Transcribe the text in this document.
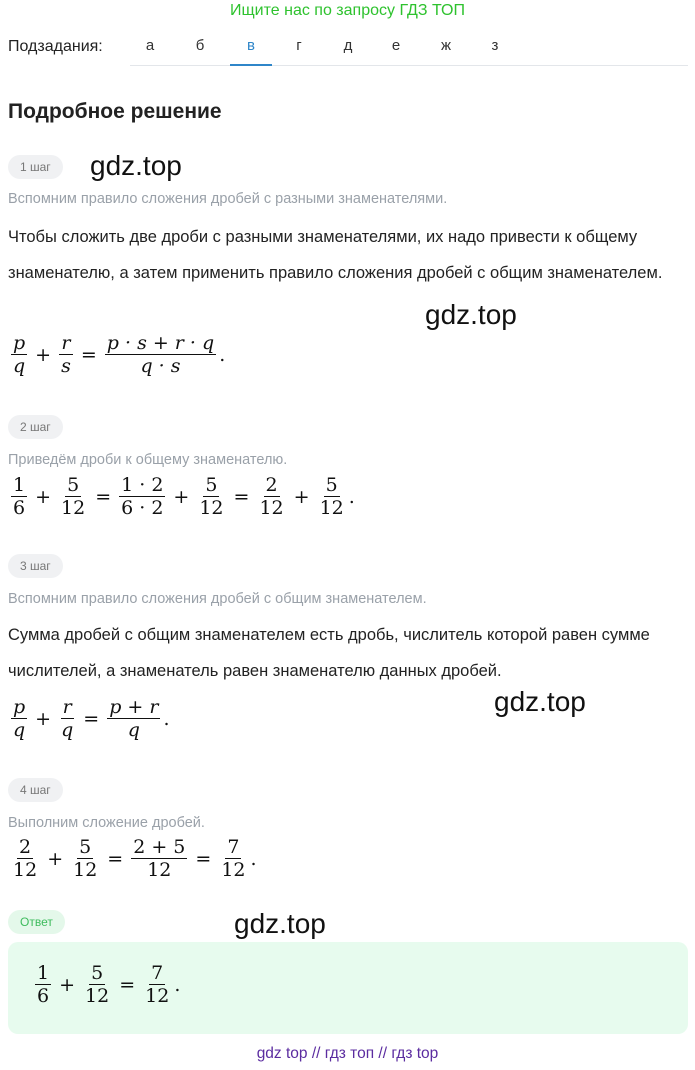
Ищите нас по запросу ГДЗ ТОП
Подзадания:	а	б	в	г	д	е	ж	з
Подробное решение
1 шаг	gdz.top
Вспомним правило сложения дробей с разными знаменателями.
Чтобы сложить две дроби с разными знаменателями, их надо привести к общему знаменателю, а затем применить правило сложения дробей с общим знаменателем.
gdz.top
$\frac{p}{q} + \frac{r}{s} = \frac{p \cdot s + r \cdot q}{q \cdot s}$ .
2 шаг
Приведём дроби к общему знаменателю.
$\frac{1}{6} + \frac{5}{12} = \frac{1 \cdot 2}{6 \cdot 2} + \frac{5}{12} = \frac{2}{12} + \frac{5}{12}$ .
3 шаг
Вспомним правило сложения дробей с общим знаменателем.
Сумма дробей с общим знаменателем есть дробь, числитель которой равен сумме числителей, а знаменатель равен знаменателю данных дробей.
gdz.top
$\frac{p}{q} + \frac{r}{q} = \frac{p + r}{q}$ .
4 шаг
Выполним сложение дробей.
$\frac{2}{12} + \frac{5}{12} = \frac{2 + 5}{12} = \frac{7}{12}$ .
Ответ	gdz.top
$\frac{1}{6} + \frac{5}{12} = \frac{7}{12}$ .
gdz top // гдз топ // гдз top
